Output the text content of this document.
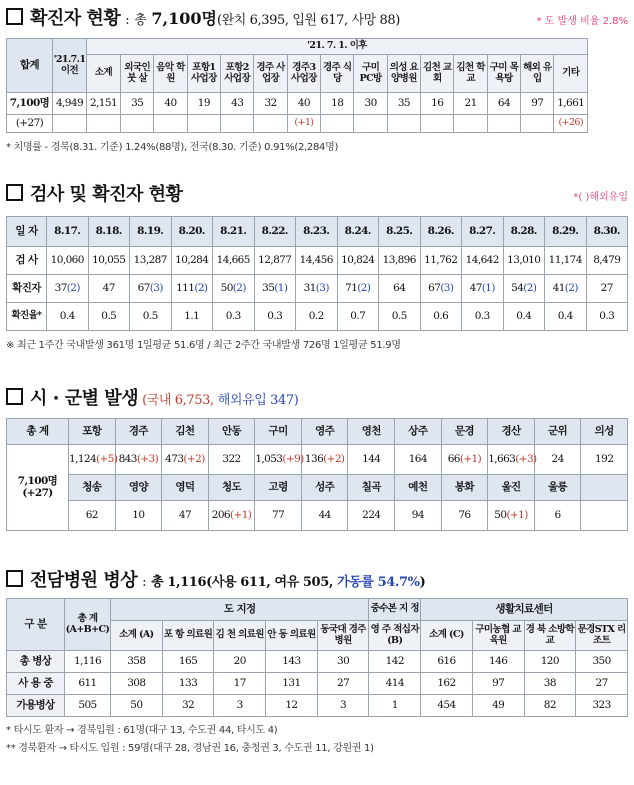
확진자 현황 : 총 7,100명 (완치 6,395, 입원 617, 사망 88)	* 도 발생 비율 2.8%
합계	'21.7.1 이전	'21. 7. 1. 이후														
		소계	외국인 붓 살	음악 학원	포항1 사업장	포항2 사업장	경주 사업장	경주3 사업장	경주 식당	구미 PC방	의성 요양병원	김천 교회	김천 학교	구미 목욕탕	해외 유입	기타
7,100명	4,949	2,151	35	40	19	43	32	40	18	30	35	16	21	64	97	1,661
(+27)								(+1)								(+26)
* 치명률 - 경북(8.31. 기준) 1.24%(88명), 전국(8.30. 기준) 0.91%(2,284명)
검사 및 확진자 현황	*( )해외유입
일 자	8.17.	8.18.	8.19.	8.20.	8.21.	8.22.	8.23.	8.24.	8.25.	8.26.	8.27.	8.28.	8.29.	8.30.
검 사	10,060	10,055	13,287	10,284	14,665	12,877	14,456	10,824	13,896	11,762	14,642	13,010	11,174	8,479
확진자	37(2)	47	67(3)	111(2)	50(2)	35(1)	31(3)	71(2)	64	67(3)	47(1)	54(2)	41(2)	27
확진율*	0.4	0.5	0.5	1.1	0.3	0.3	0.2	0.7	0.5	0.6	0.3	0.4	0.4	0.3
※ 최근 1주간 국내발생 361명 1일평균 51.6명 / 최근 2주간 국내발생 726명 1일평균 51.9명
시 · 군별 발생 (국내 6,753, 해외유입 347)
총 계	포항	경주	김천	안동	구미	영주	영천	상주	문경	경산	군위	의성
7,100명
(+27)	1,124(+5)	843(+3)	473(+2)	322	1,053(+9)	136(+2)	144	164	66(+1)	1,663(+3)	24	192
	청송	영양	영덕	청도	고령	성주	칠곡	예천	봉화	울진	울릉	
	62	10	47	206(+1)	77	44	224	94	76	50(+1)	6	
전담병원 병상 : 총 1,116(사용 611, 여유 505, 가동률 54.7% )
구 분	총 계 (A+B+C)	도 지정					중수본 지 정	생활치료센터			
		소계 (A)	포 항 의료원	김 천 의료원	안 동 의료원	동국대 경주병원	영 주 적십자(B)	소계 (C)	구미농협 교육원	경 북 소방학교	문경STX 리조트
총 병상	1,116	358	165	20	143	30	142	616	146	120	350
사 용 중	611	308	133	17	131	27	414	162	97	38	27
가용병상	505	50	32	3	12	3	1	454	49	82	323
* 타시도 환자 → 경북입원 : 61명(대구 13, 수도권 44, 타시도 4)
** 경북환자 → 타시도 입원 : 59명(대구 28, 경남권 16, 충청권 3, 수도권 11, 강원권 1)
